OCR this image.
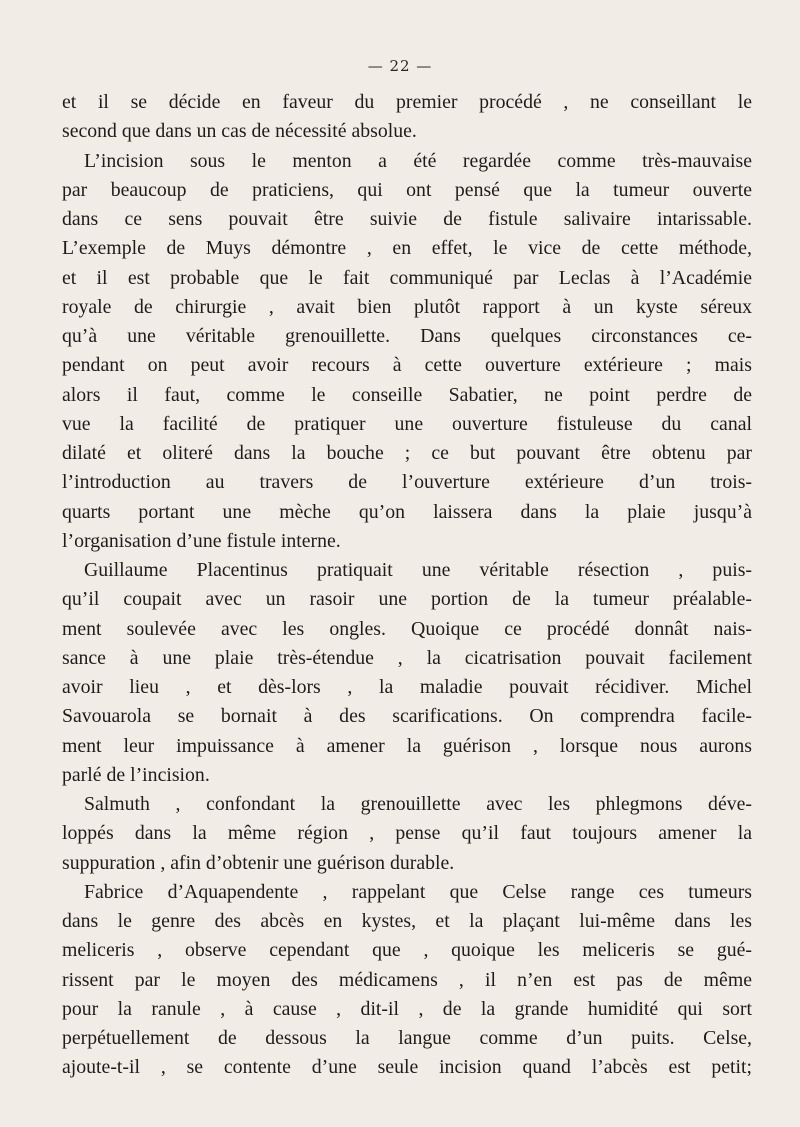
— 22 —
et il se décide en faveur du premier procédé , ne conseillant le
second que dans un cas de nécessité absolue.
L’incision sous le menton a été regardée comme très-mauvaise
par beaucoup de praticiens, qui ont pensé que la tumeur ouverte
dans ce sens pouvait être suivie de fistule salivaire intarissable.
L’exemple de Muys démontre , en effet, le vice de cette méthode,
et il est probable que le fait communiqué par Leclas à l’Académie
royale de chirurgie , avait bien plutôt rapport à un kyste séreux
qu’à une véritable grenouillette. Dans quelques circonstances ce-
pendant on peut avoir recours à cette ouverture extérieure ; mais
alors il faut, comme le conseille Sabatier, ne point perdre de
vue la facilité de pratiquer une ouverture fistuleuse du canal
dilaté et oliteré dans la bouche ; ce but pouvant être obtenu par
l’introduction au travers de l’ouverture extérieure d’un trois-
quarts portant une mèche qu’on laissera dans la plaie jusqu’à
l’organisation d’une fistule interne.
Guillaume Placentinus pratiquait une véritable résection , puis-
qu’il coupait avec un rasoir une portion de la tumeur préalable-
ment soulevée avec les ongles. Quoique ce procédé donnât nais-
sance à une plaie très-étendue , la cicatrisation pouvait facilement
avoir lieu , et dès-lors , la maladie pouvait récidiver. Michel
Savouarola se bornait à des scarifications. On comprendra facile-
ment leur impuissance à amener la guérison , lorsque nous aurons
parlé de l’incision.
Salmuth , confondant la grenouillette avec les phlegmons déve-
loppés dans la même région , pense qu’il faut toujours amener la
suppuration , afin d’obtenir une guérison durable.
Fabrice d’Aquapendente , rappelant que Celse range ces tumeurs
dans le genre des abcès en kystes, et la plaçant lui-même dans les
meliceris , observe cependant que , quoique les meliceris se gué-
rissent par le moyen des médicamens , il n’en est pas de même
pour la ranule , à cause , dit-il , de la grande humidité qui sort
perpétuellement de dessous la langue comme d’un puits. Celse,
ajoute-t-il , se contente d’une seule incision quand l’abcès est petit;
